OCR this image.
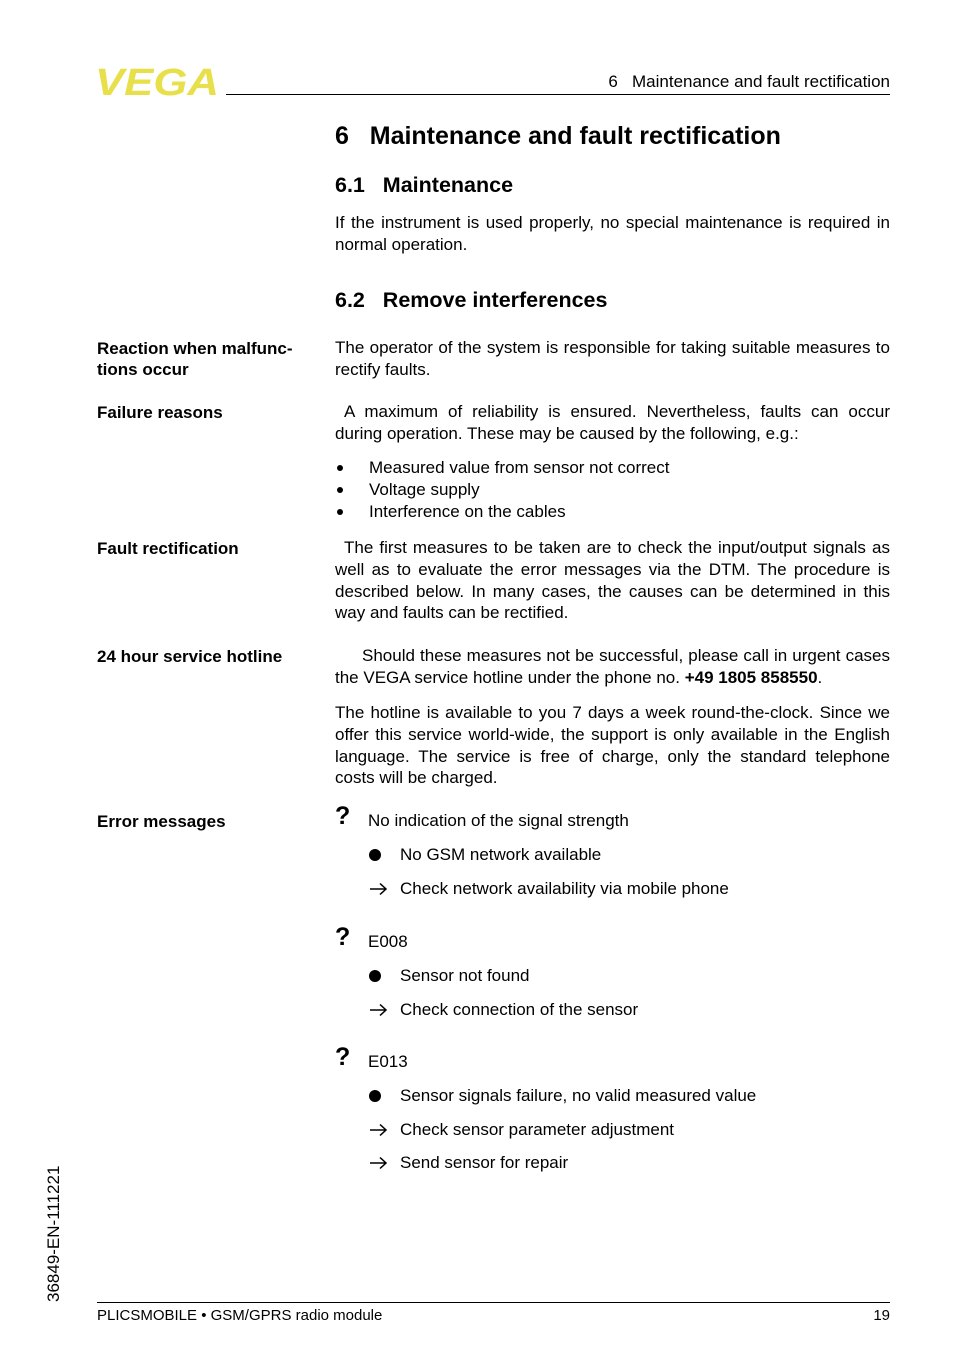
VEGA	6   Maintenance and fault rectification
6   Maintenance and fault rectification
6.1   Maintenance
If the instrument is used properly, no special maintenance is required in normal operation.
6.2   Remove interferences
Reaction when malfunc- tions occur
The operator of the system is responsible for taking suitable measures to rectify faults.
Failure reasons	A maximum of reliability is ensured. Nevertheless, faults can occur during operation. These may be caused by the following, e.g.:
Measured value from sensor not correct
Voltage supply
Interference on the cables
Fault rectification	The first measures to be taken are to check the input/output signals as well as to evaluate the error messages via the DTM. The procedure is described below. In many cases, the causes can be determined in this way and faults can be rectified.
24 hour service hotline	Should these measures not be successful, please call in urgent cases the VEGA service hotline under the phone no. +49 1805 858550.
The hotline is available to you 7 days a week round-the-clock. Since we offer this service world-wide, the support is only available in the English language. The service is free of charge, only the standard telephone costs will be charged.
Error messages	? No indication of the signal strength
No GSM network available
Check network availability via mobile phone
? E008
Sensor not found
Check connection of the sensor
? E013
Sensor signals failure, no valid measured value
Check sensor parameter adjustment
Send sensor for repair
36849-EN-111221
PLICSMOBILE • GSM/GPRS radio module	19
